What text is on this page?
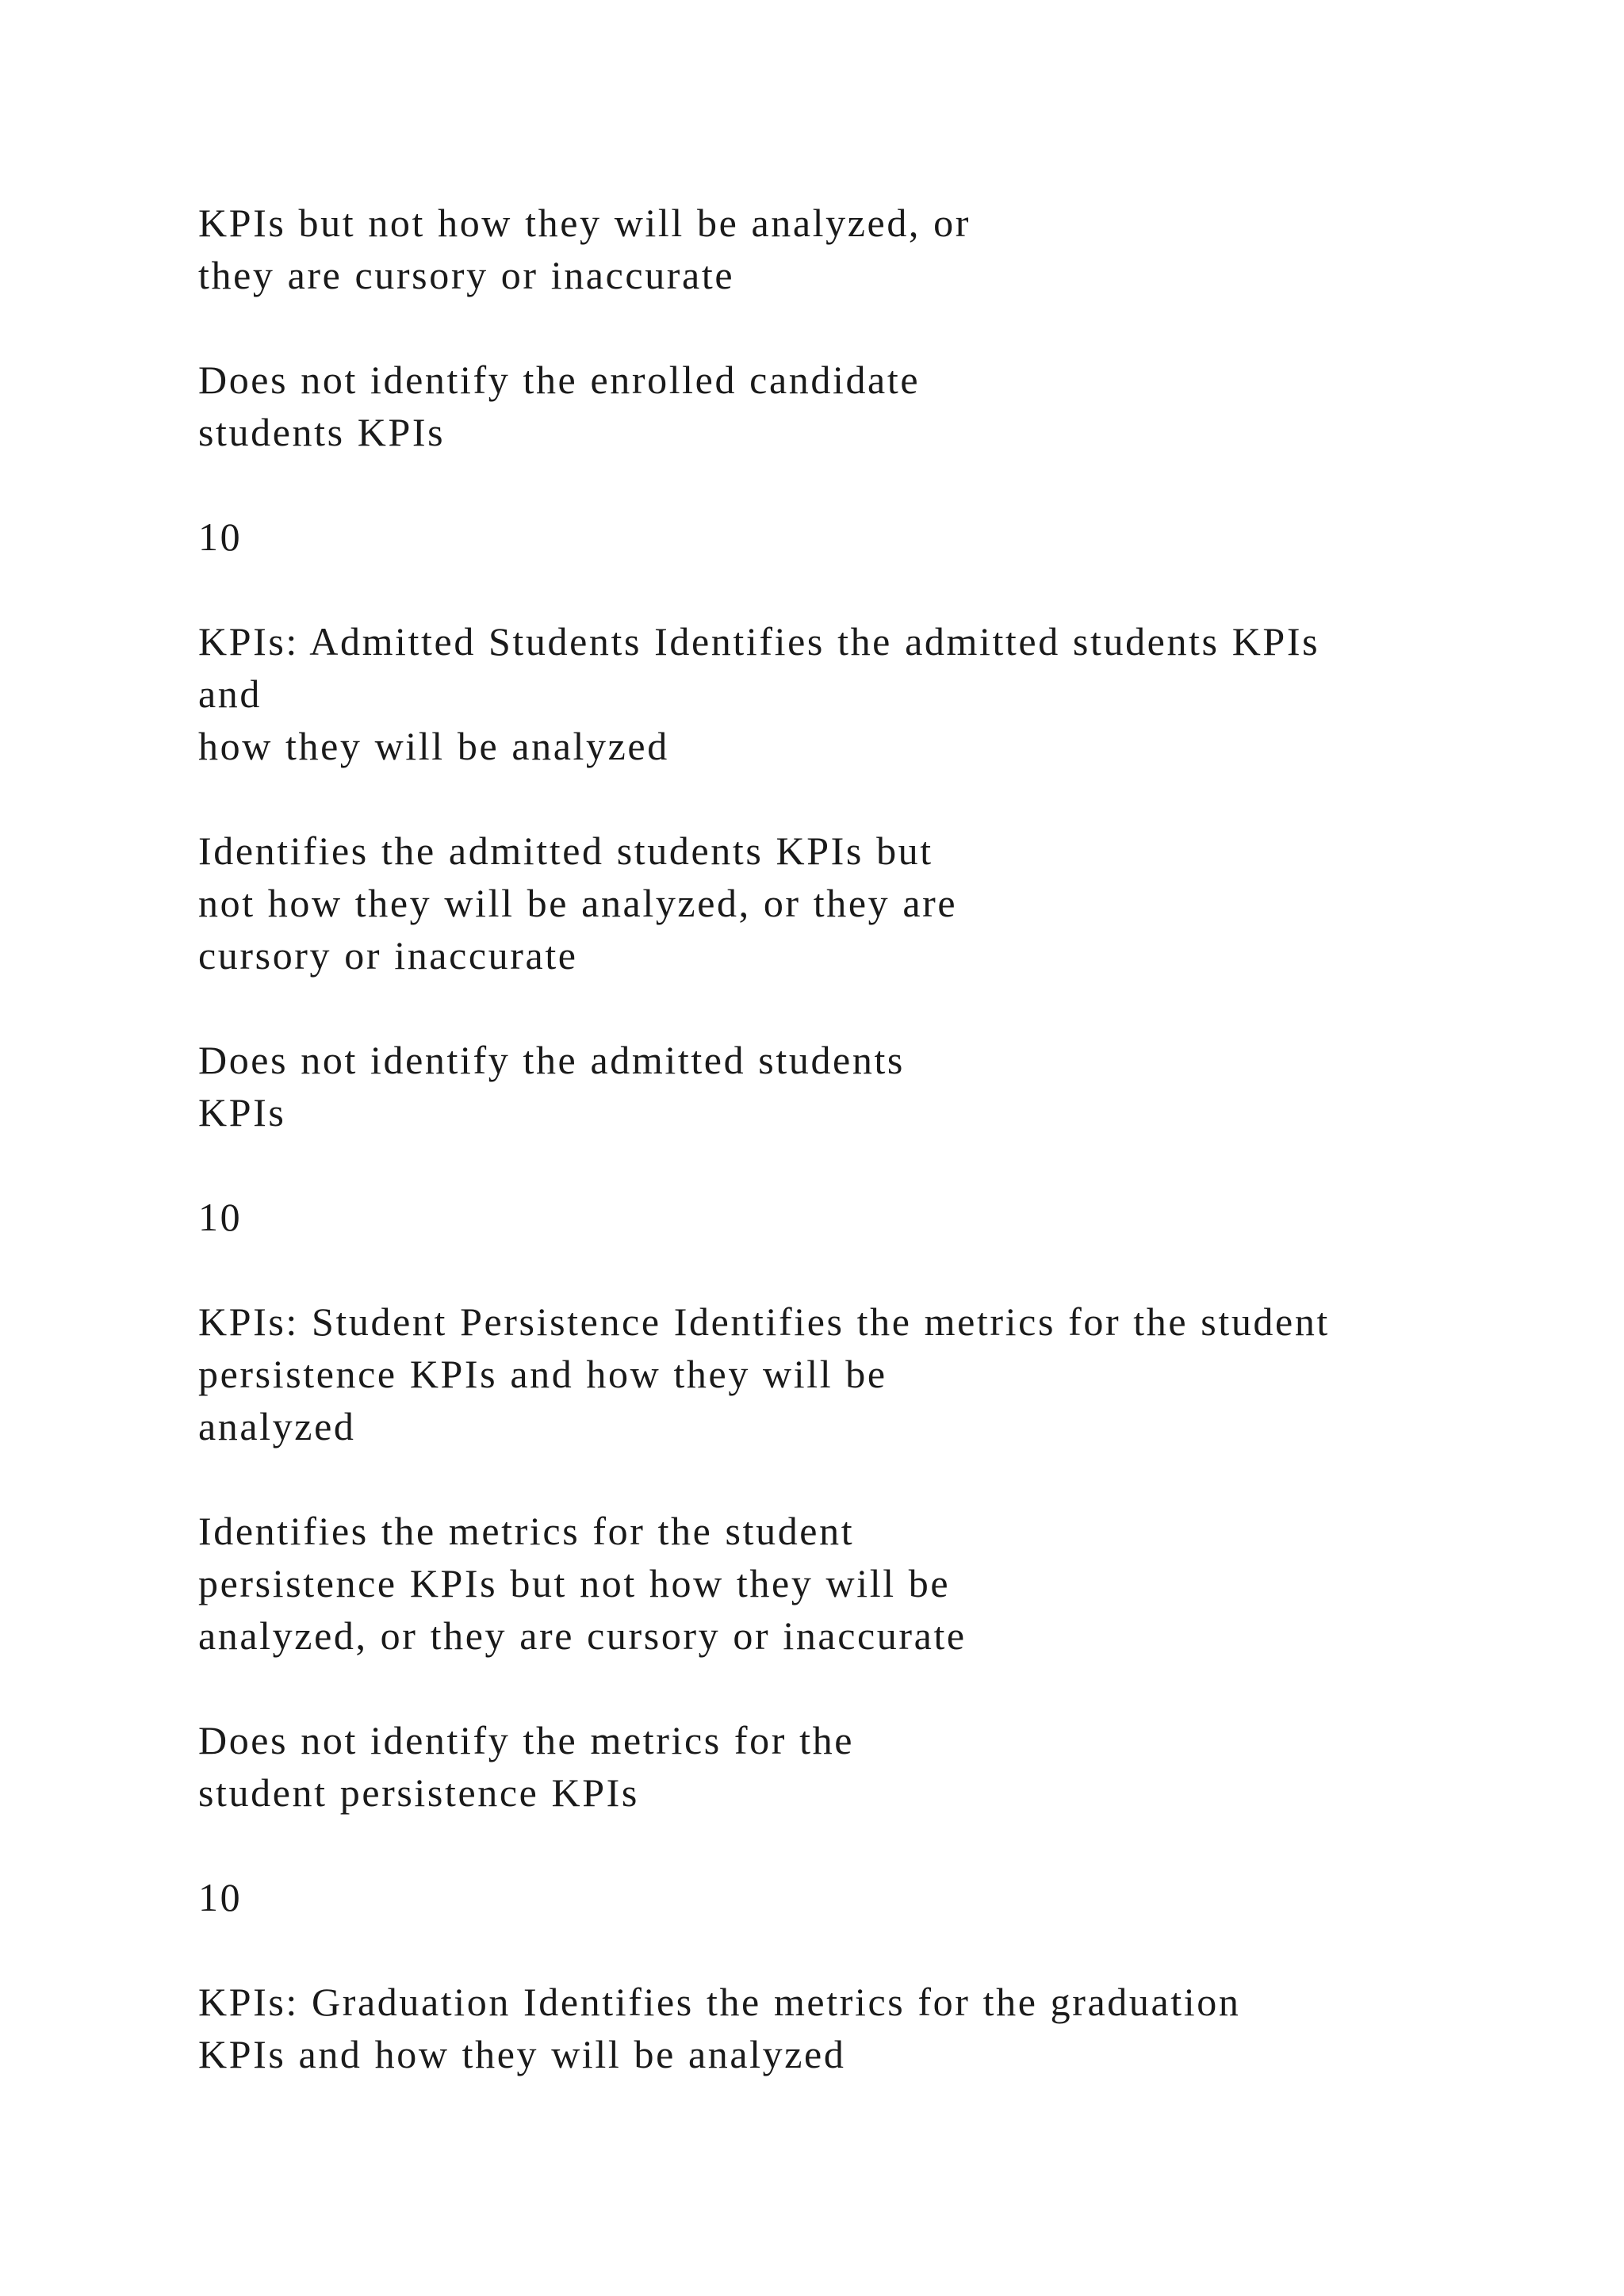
KPIs but not how they will be analyzed, or
they are cursory or inaccurate
Does not identify the enrolled candidate
students KPIs
10
KPIs: Admitted Students Identifies the admitted students KPIs
and
how they will be analyzed
Identifies the admitted students KPIs but
not how they will be analyzed, or they are
cursory or inaccurate
Does not identify the admitted students
KPIs
10
KPIs: Student Persistence Identifies the metrics for the student
persistence KPIs and how they will be
analyzed
Identifies the metrics for the student
persistence KPIs but not how they will be
analyzed, or they are cursory or inaccurate
Does not identify the metrics for the
student persistence KPIs
10
KPIs: Graduation Identifies the metrics for the graduation
KPIs and how they will be analyzed
